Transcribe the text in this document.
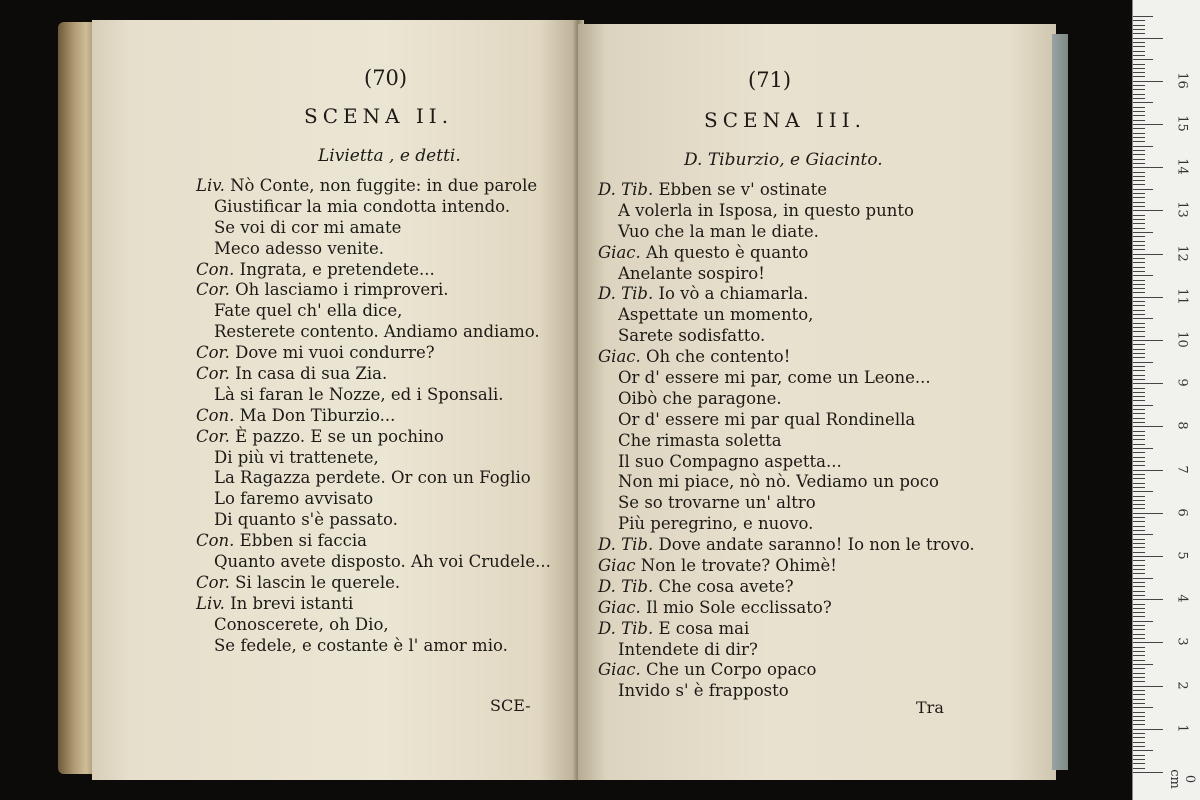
(70)
SCENA II.
Livietta , e detti.
Liv. Nò Conte, non fuggite: in due parole
Giustificar la mia condotta intendo.
Se voi di cor mi amate
Meco adesso venite.
Con. Ingrata, e pretendete...
Cor. Oh lasciamo i rimproveri.
Fate quel ch' ella dice,
Resterete contento. Andiamo andiamo.
Cor. Dove mi vuoi condurre?
Cor. In casa di sua Zia.
Là si faran le Nozze, ed i Sponsali.
Con. Ma Don Tiburzio...
Cor. È pazzo. E se un pochino
Di più vi trattenete,
La Ragazza perdete. Or con un Foglio
Lo faremo avvisato
Di quanto s'è passato.
Con. Ebben si faccia
Quanto avete disposto. Ah voi Crudele...
Cor. Si lascin le querele.
Liv. In brevi istanti
Conoscerete, oh Dio,
Se fedele, e costante è l' amor mio.
SCE-
(71)
SCENA III.
D. Tiburzio, e Giacinto.
D. Tib. Ebben se v' ostinate
A volerla in Isposa, in questo punto
Vuo che la man le diate.
Giac. Ah questo è quanto
Anelante sospiro!
D. Tib. Io vò a chiamarla.
Aspettate un momento,
Sarete sodisfatto.
Giac. Oh che contento!
Or d' essere mi par, come un Leone...
Oibò che paragone.
Or d' essere mi par qual Rondinella
Che rimasta soletta
Il suo Compagno aspetta...
Non mi piace, nò nò. Vediamo un poco
Se so trovarne un' altro
Più peregrino, e nuovo.
D. Tib. Dove andate saranno! Io non le trovo.
Giac Non le trovate? Ohimè!
D. Tib. Che cosa avete?
Giac. Il mio Sole ecclissato?
D. Tib. E cosa mai
Intendete di dir?
Giac. Che un Corpo opaco
Invido s' è frapposto
Tra
0 cm
1
2
3
4
5
6
7
8
9
10
11
12
13
14
15
16
